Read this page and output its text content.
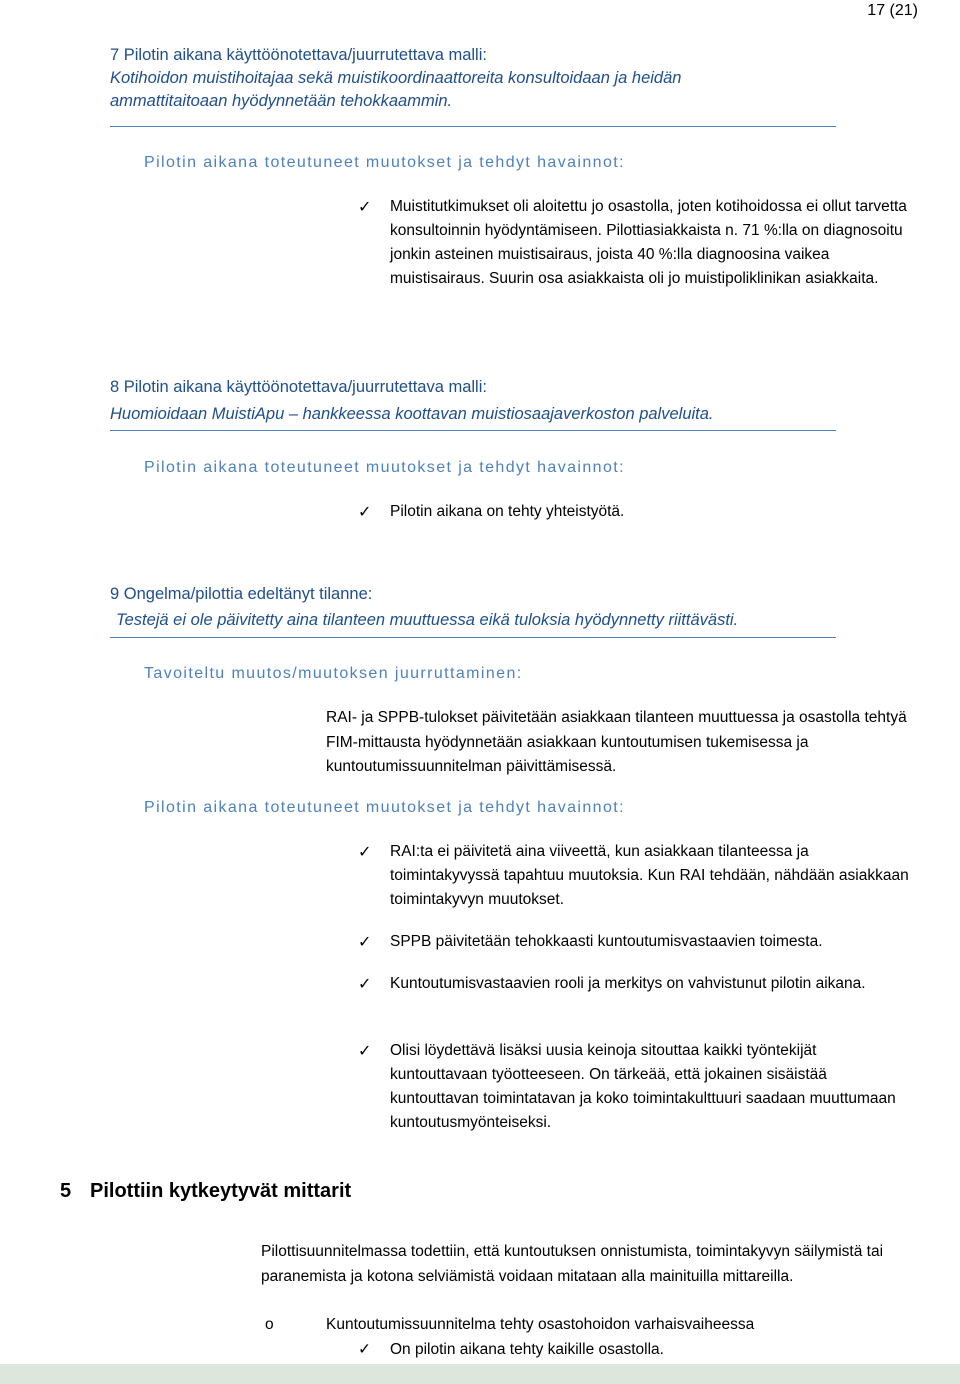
17 (21)
7 Pilotin aikana käyttöönotettava/juurrutettava malli:
Kotihoidon muistihoitajaa sekä muistikoordinaattoreita konsultoidaan ja heidän
ammattitaitoaan hyödynnetään tehokkaammin.
Pilotin aikana toteutuneet muutokset ja tehdyt havainnot:
✓	Muistitutkimukset oli aloitettu jo osastolla, joten kotihoidossa ei ollut tarvetta konsultoinnin hyödyntämiseen. Pilottiasiakkaista n. 71 %:lla on diagnosoitu jonkin asteinen muistisairaus, joista 40 %:lla diagnoosina vaikea muistisairaus. Suurin osa asiakkaista oli jo muistipoliklinikan asiakkaita.
8 Pilotin aikana käyttöönotettava/juurrutettava malli:
Huomioidaan MuistiApu – hankkeessa koottavan muistiosaajaverkoston palveluita.
Pilotin aikana toteutuneet muutokset ja tehdyt havainnot:
✓	Pilotin aikana on tehty yhteistyötä.
9 Ongelma/pilottia edeltänyt tilanne:
Testejä ei ole päivitetty aina tilanteen muuttuessa eikä tuloksia hyödynnetty riittävästi.
Tavoiteltu muutos/muutoksen juurruttaminen:
RAI- ja SPPB-tulokset päivitetään asiakkaan tilanteen muuttuessa ja osastolla tehtyä FIM-mittausta hyödynnetään asiakkaan kuntoutumisen tukemisessa ja kuntoutumissuunnitelman päivittämisessä.
Pilotin aikana toteutuneet muutokset ja tehdyt havainnot:
✓	RAI:ta ei päivitetä aina viiveettä, kun asiakkaan tilanteessa ja toimintakyvyssä tapahtuu muutoksia. Kun RAI tehdään, nähdään asiakkaan toimintakyvyn muutokset.
✓	SPPB päivitetään tehokkaasti kuntoutumisvastaavien toimesta.
✓	Kuntoutumisvastaavien rooli ja merkitys on vahvistunut pilotin aikana.
✓	Olisi löydettävä lisäksi uusia keinoja sitouttaa kaikki työntekijät kuntouttavaan työotteeseen. On tärkeää, että jokainen sisäistää kuntouttavan toimintatavan ja koko toimintakulttuuri saadaan muuttumaan kuntoutusmyönteiseksi.
5 Pilottiin kytkeytyvät mittarit
Pilottisuunnitelmassa todettiin, että kuntoutuksen onnistumista, toimintakyvyn säilymistä tai paranemista ja kotona selviämistä voidaan mitataan alla mainituilla mittareilla.
o	Kuntoutumissuunnitelma tehty osastohoidon varhaisvaiheessa
✓ On pilotin aikana tehty kaikille osastolla.
